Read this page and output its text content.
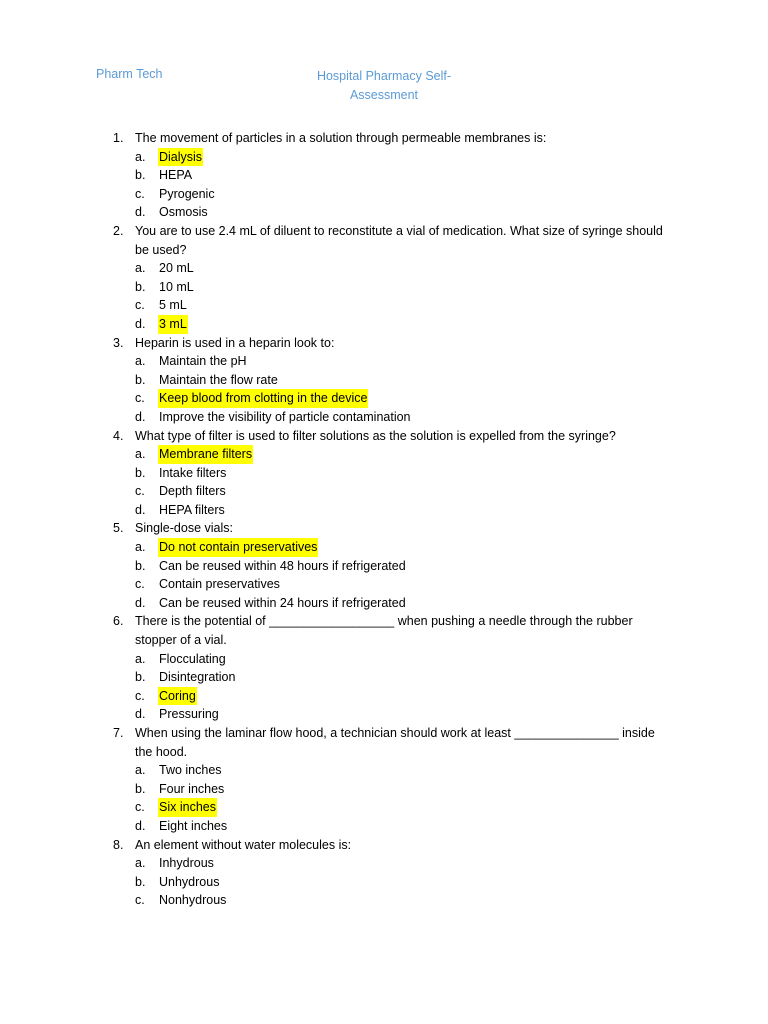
Pharm Tech	Hospital Pharmacy Self-
Assessment
1. The movement of particles in a solution through permeable membranes is:
a.	Dialysis
b.	HEPA
c.	Pyrogenic
d.	Osmosis
2. You are to use 2.4 mL of diluent to reconstitute a vial of medication. What size of syringe should be used?
a.	20 mL
b.	10 mL
c.	5 mL
d.	3 mL
3. Heparin is used in a heparin look to:
a.	Maintain the pH
b.	Maintain the flow rate
c.	Keep blood from clotting in the device
d.	Improve the visibility of particle contamination
4. What type of filter is used to filter solutions as the solution is expelled from the syringe?
a.	Membrane filters
b.	Intake filters
c.	Depth filters
d.	HEPA filters
5. Single-dose vials:
a.	Do not contain preservatives
b.	Can be reused within 48 hours if refrigerated
c.	Contain preservatives
d.	Can be reused within 24 hours if refrigerated
6. There is the potential of __________________ when pushing a needle through the rubber stopper of a vial.
a.	Flocculating
b.	Disintegration
c.	Coring
d.	Pressuring
7. When using the laminar flow hood, a technician should work at least _______________ inside the hood.
a.	Two inches
b.	Four inches
c.	Six inches
d.	Eight inches
8. An element without water molecules is:
a.	Inhydrous
b.	Unhydrous
c.	Nonhydrous
